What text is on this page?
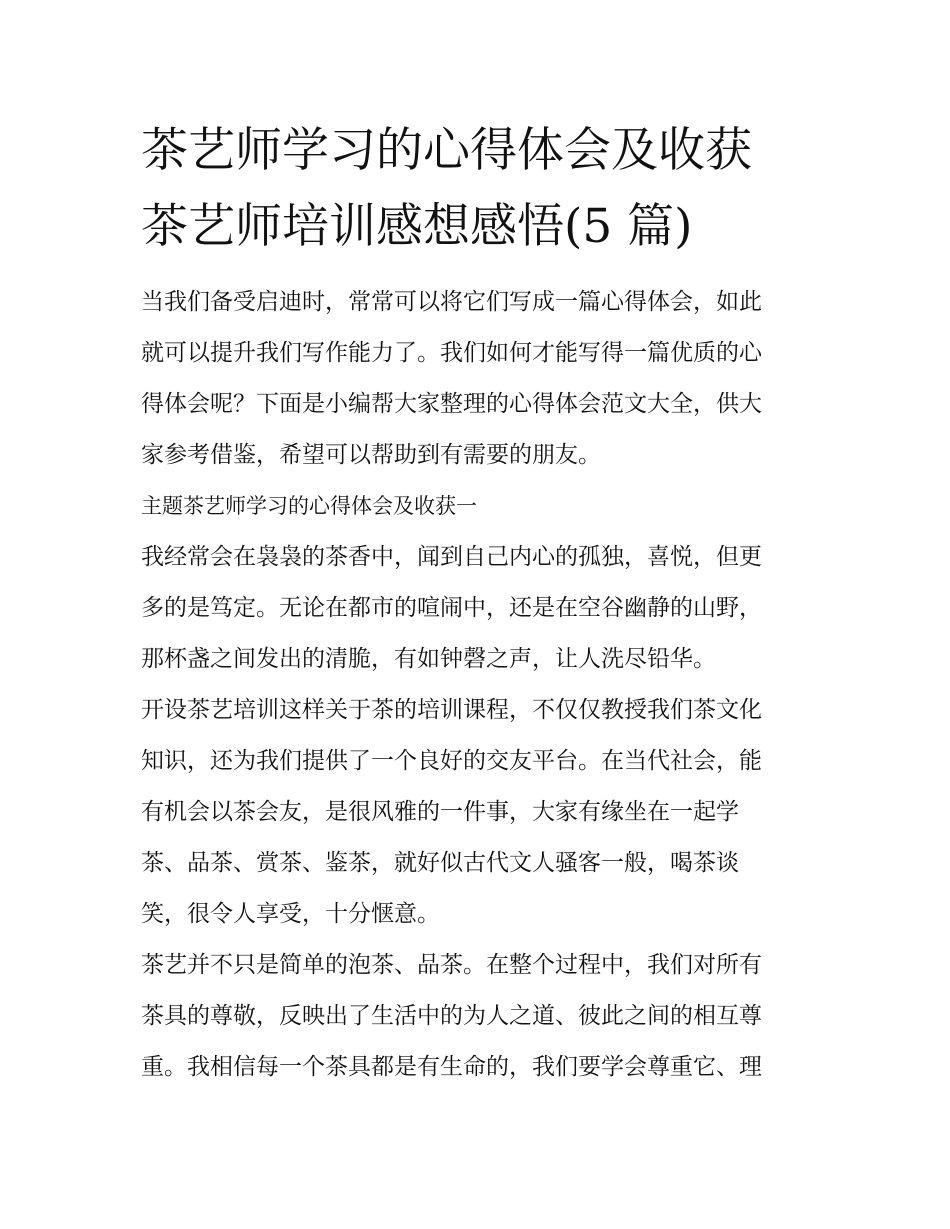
茶艺师学习的心得体会及收获
茶艺师培训感想感悟(5 篇)
当我们备受启迪时，常常可以将它们写成一篇心得体会，如此
就可以提升我们写作能力了。我们如何才能写得一篇优质的心
得体会呢？下面是小编帮大家整理的心得体会范文大全，供大
家参考借鉴，希望可以帮助到有需要的朋友。
主题茶艺师学习的心得体会及收获一
我经常会在袅袅的茶香中，闻到自己内心的孤独，喜悦，但更
多的是笃定。无论在都市的喧闹中，还是在空谷幽静的山野，
那杯盏之间发出的清脆，有如钟磬之声，让人洗尽铅华。
开设茶艺培训这样关于茶的培训课程，不仅仅教授我们茶文化
知识，还为我们提供了一个良好的交友平台。在当代社会，能
有机会以茶会友，是很风雅的一件事，大家有缘坐在一起学
茶、品茶、赏茶、鉴茶，就好似古代文人骚客一般，喝茶谈
笑，很令人享受，十分惬意。
茶艺并不只是简单的泡茶、品茶。在整个过程中，我们对所有
茶具的尊敬，反映出了生活中的为人之道、彼此之间的相互尊
重。我相信每一个茶具都是有生命的，我们要学会尊重它、理
